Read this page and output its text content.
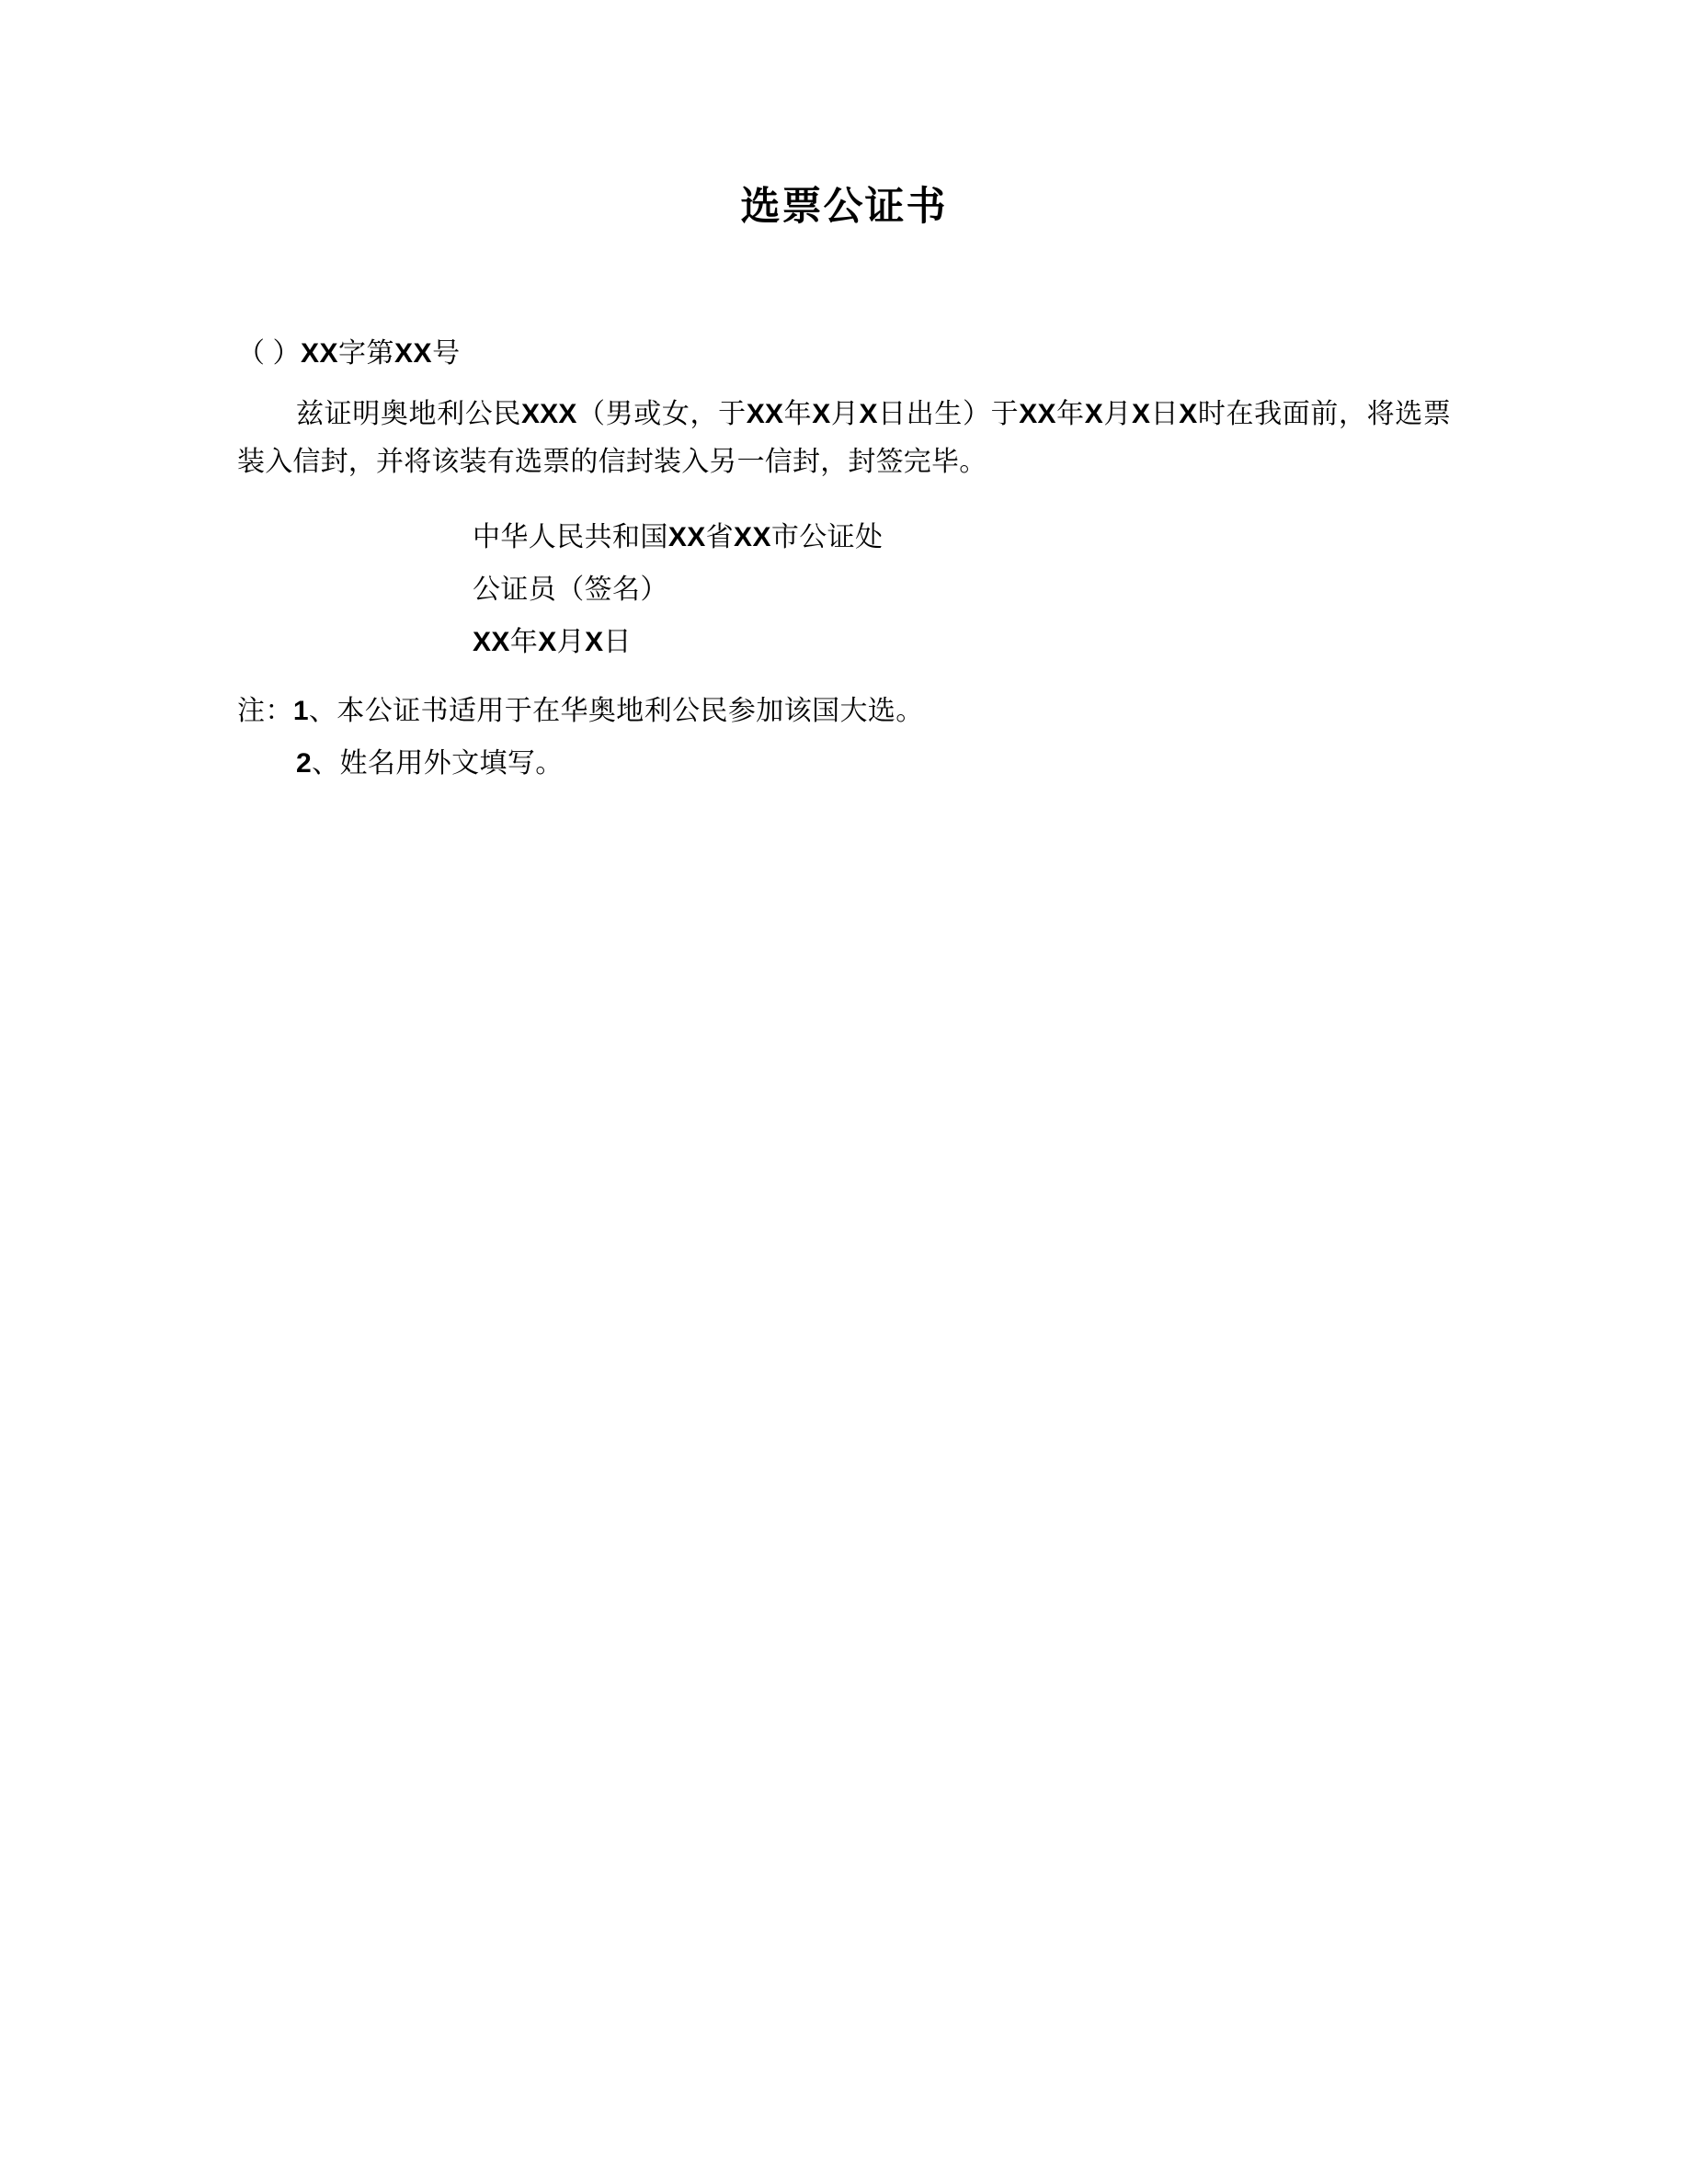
选票公证书
（ ）XX字第XX号
兹证明奥地利公民XXX（男或女，于XX年X月X日出生）于XX年X月X日X时在我面前，将选票装入信封，并将该装有选票的信封装入另一信封，封签完毕。
中华人民共和国XX省XX市公证处
公证员（签名）
XX年X月X日
注：1、本公证书适用于在华奥地利公民参加该国大选。
2、姓名用外文填写。
